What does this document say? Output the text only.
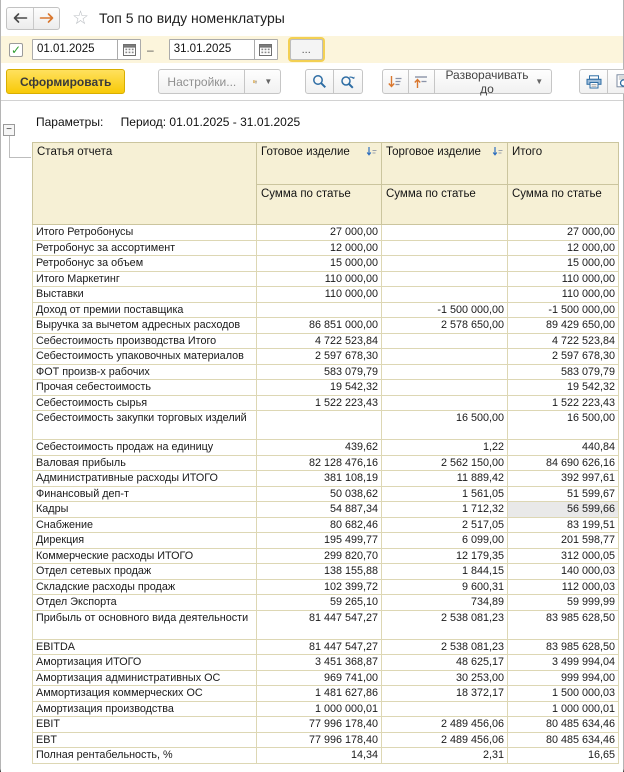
☆ Топ 5 по виду номенклатуры
✓	01.01.2025	–	31.01.2025	...
Сформировать	Настройки...	▼	Разворачивать до	▼
−
Параметры: Период: 01.01.2025 - 31.01.2025
Статья отчета	Готовое изделие	Торговое изделие	Итого
	Сумма по статье	Сумма по статье	Сумма по статье
Итого Ретробонусы	27 000,00		27 000,00
Ретробонус за ассортимент	12 000,00		12 000,00
Ретробонус за объем	15 000,00		15 000,00
Итого Маркетинг	110 000,00		110 000,00
Выставки	110 000,00		110 000,00
Доход от премии поставщика		-1 500 000,00	-1 500 000,00
Выручка за вычетом адресных расходов	86 851 000,00	2 578 650,00	89 429 650,00
Себестоимость производства Итого	4 722 523,84		4 722 523,84
Себестоимость упаковочных материалов	2 597 678,30		2 597 678,30
ФОТ произв-х рабочих	583 079,79		583 079,79
Прочая себестоимость	19 542,32		19 542,32
Себестоимость сырья	1 522 223,43		1 522 223,43
Себестоимость закупки торговых изделий		16 500,00	16 500,00
Себестоимость продаж на единицу	439,62	1,22	440,84
Валовая прибыль	82 128 476,16	2 562 150,00	84 690 626,16
Административные расходы ИТОГО	381 108,19	11 889,42	392 997,61
Финансовый деп-т	50 038,62	1 561,05	51 599,67
Кадры	54 887,34	1 712,32	56 599,66
Снабжение	80 682,46	2 517,05	83 199,51
Дирекция	195 499,77	6 099,00	201 598,77
Коммерческие расходы ИТОГО	299 820,70	12 179,35	312 000,05
Отдел сетевых продаж	138 155,88	1 844,15	140 000,03
Складские расходы продаж	102 399,72	9 600,31	112 000,03
Отдел Экспорта	59 265,10	734,89	59 999,99
Прибыль от основного вида деятельности	81 447 547,27	2 538 081,23	83 985 628,50
EBITDA	81 447 547,27	2 538 081,23	83 985 628,50
Амортизация ИТОГО	3 451 368,87	48 625,17	3 499 994,04
Амортизация административных ОС	969 741,00	30 253,00	999 994,00
Аммортизация коммерческих ОС	1 481 627,86	18 372,17	1 500 000,03
Амортизация производства	1 000 000,01		1 000 000,01
EBIT	77 996 178,40	2 489 456,06	80 485 634,46
EBT	77 996 178,40	2 489 456,06	80 485 634,46
Полная рентабельность, %	14,34	2,31	16,65
